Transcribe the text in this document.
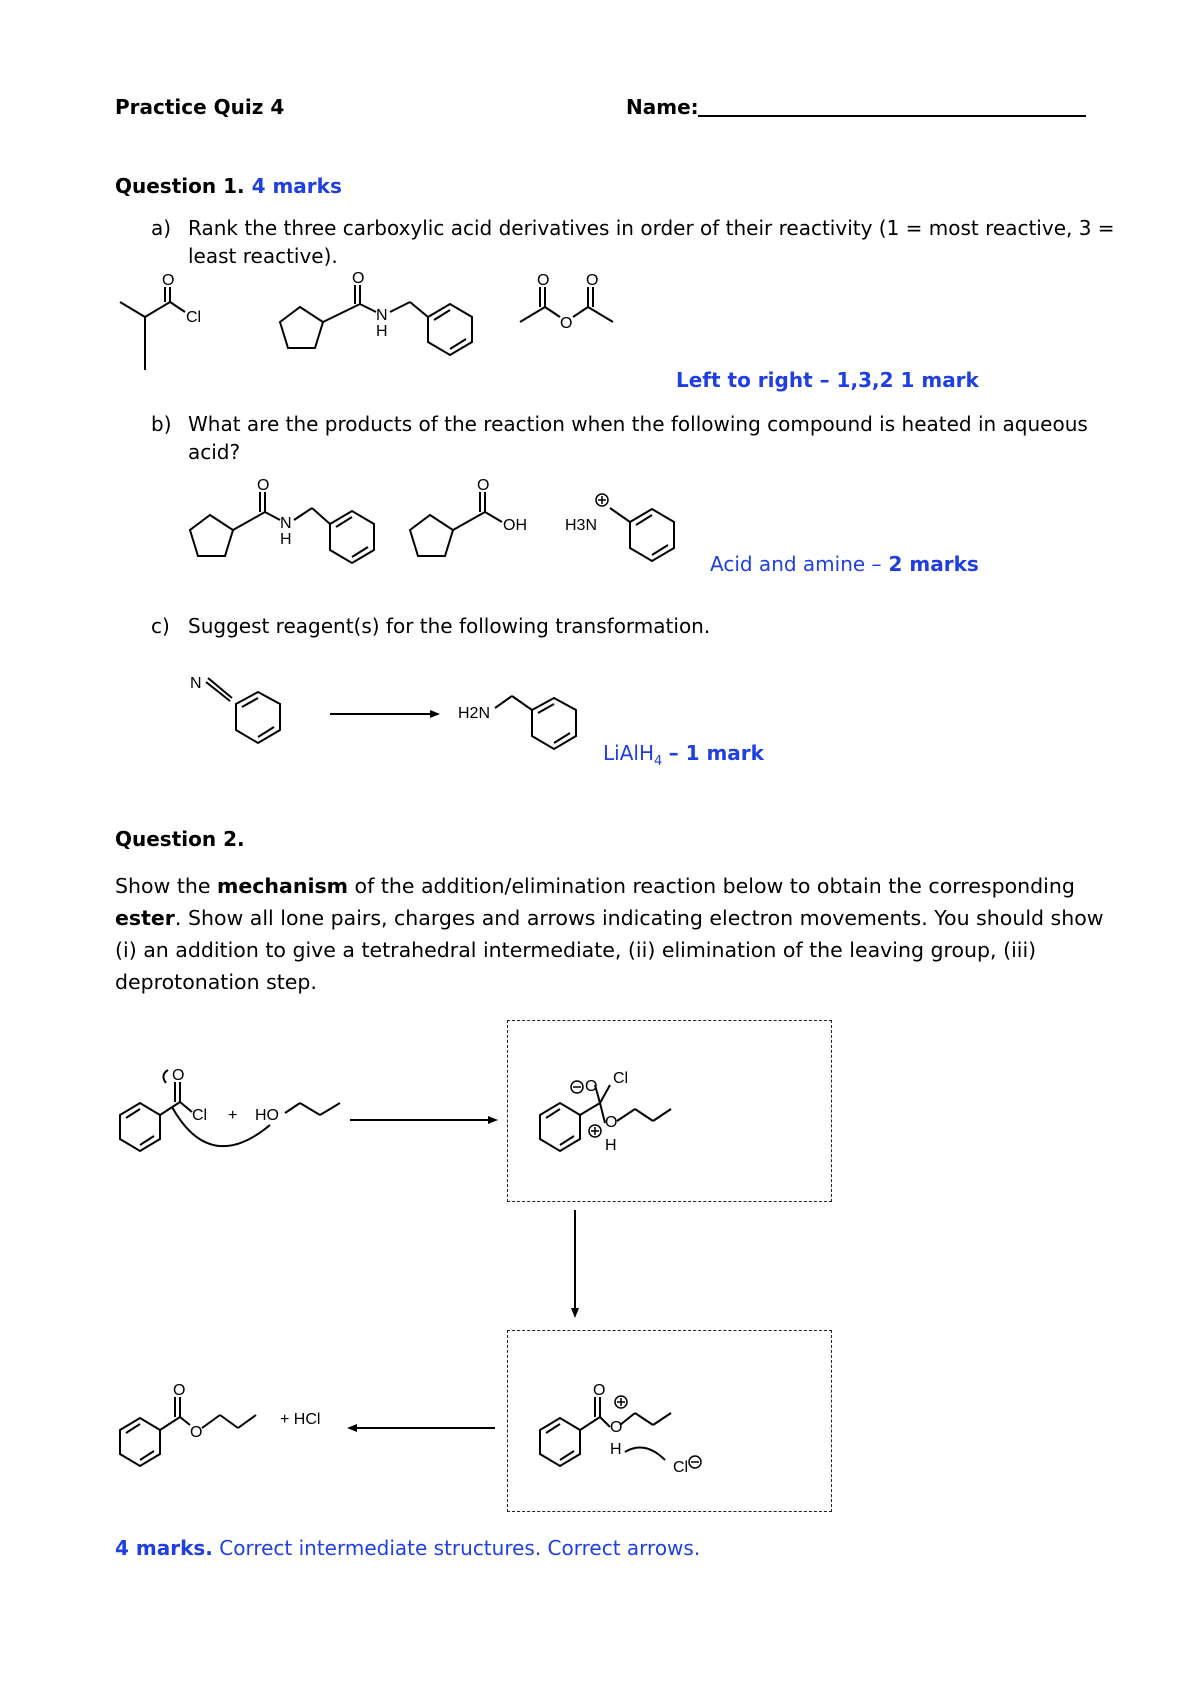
Practice Quiz 4	Name:
Question 1. 4 marks
a) Rank the three carboxylic acid derivatives in order of their reactivity (1 = most reactive, 3 =
least reactive).
O
Cl
O
N
H
O
O
O
Left to right – 1,3,2 1 mark
b) What are the products of the reaction when the following compound is heated in aqueous
acid?
O
N
H
O
OH H3N
Acid and amine – 2 marks
c) Suggest reagent(s) for the following transformation.
N
H2N
LiAlH$_4$ – 1 mark
Question 2.
Show the mechanism of the addition/elimination reaction below to obtain the corresponding ester. Show all lone pairs, charges and arrows indicating electron movements. You should show (i) an addition to give a tetrahedral intermediate, (ii) elimination of the leaving group, (iii) deprotonation step.
O
Cl + HO
O Cl
O
H
O
O
H
Cl
O
O
+ HCl
4 marks. Correct intermediate structures. Correct arrows.
